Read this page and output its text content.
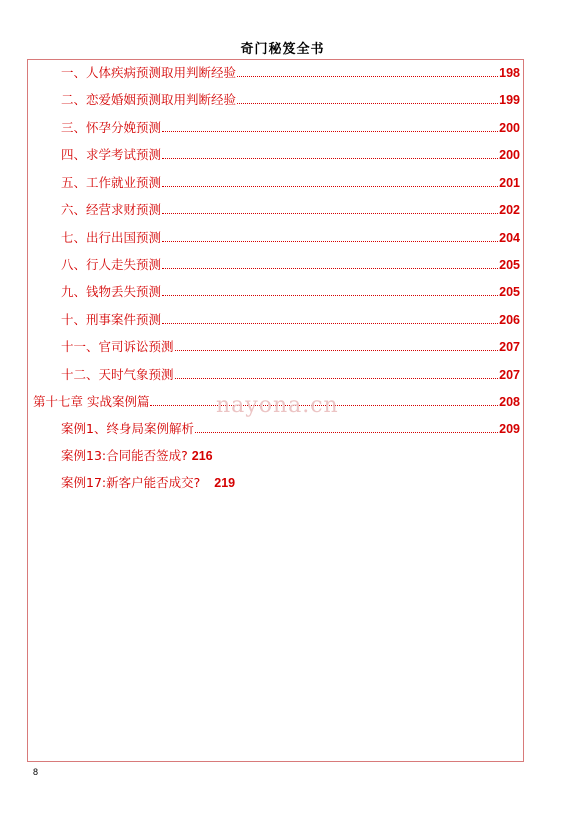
奇门秘笈全书
一、人体疾病预测取用判断经验	198
二、恋爱婚姻预测取用判断经验	199
三、怀孕分娩预测	200
四、求学考试预测	200
五、工作就业预测	201
六、经营求财预测	202
七、出行出国预测	204
八、行人走失预测	205
九、钱物丢失预测	205
十、刑事案件预测	206
十一、官司诉讼预测	207
十二、天时气象预测	207
第十七章 实战案例篇	208
案例1、终身局案例解析	209
案例13:合同能否签成? 216
案例17:新客户能否成交? 219
nayona.cn
8
